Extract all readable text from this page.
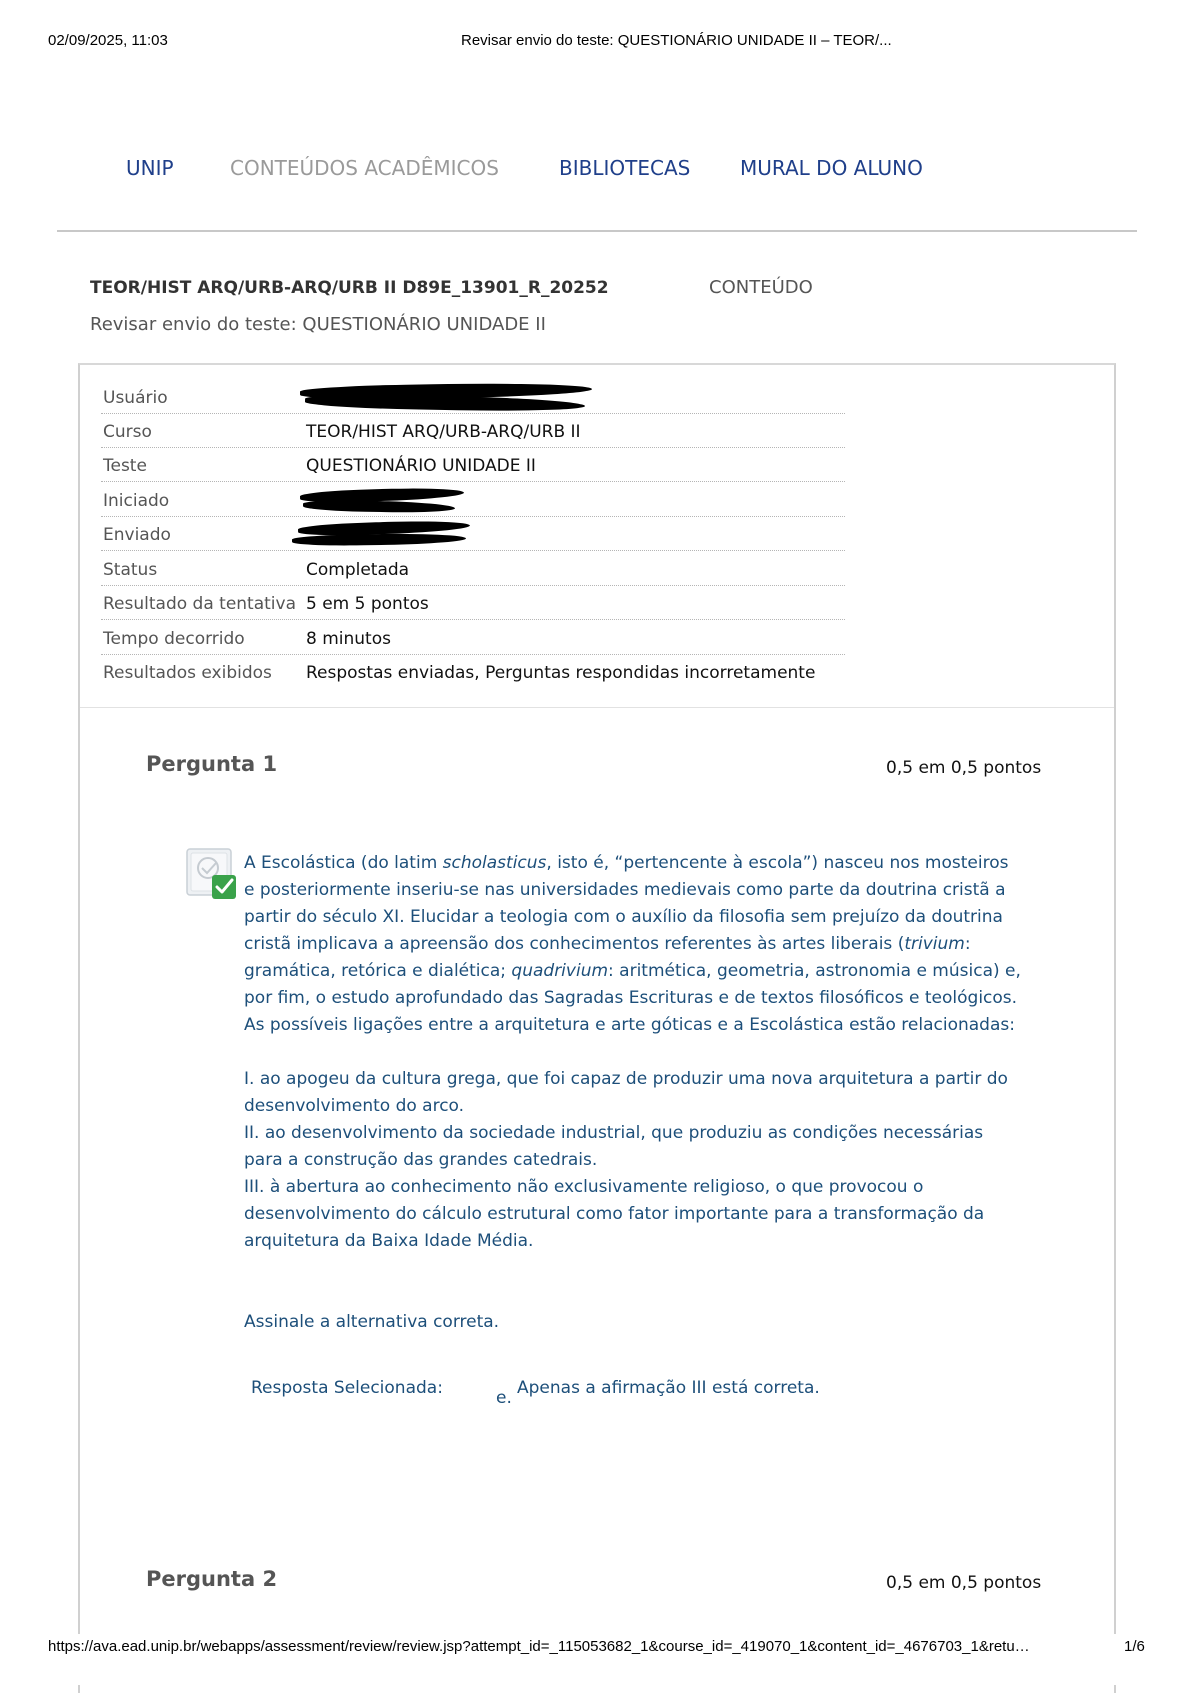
02/09/2025, 11:03	Revisar envio do teste: QUESTIONÁRIO UNIDADE II – TEOR/...
UNIP	CONTEÚDOS ACADÊMICOS	BIBLIOTECAS MURAL DO ALUNO
TEOR/HIST ARQ/URB-ARQ/URB II D89E_13901_R_20252	CONTEÚDO
Revisar envio do teste: QUESTIONÁRIO UNIDADE II
Usuário
Curso	TEOR/HIST ARQ/URB-ARQ/URB II
Teste	QUESTIONÁRIO UNIDADE II
Iniciado
Enviado
Status	Completada
Resultado da tentativa 5 em 5 pontos
Tempo decorrido	8 minutos
Resultados exibidos Respostas enviadas, Perguntas respondidas incorretamente
Pergunta 1	0,5 em 0,5 pontos

A Escolástica (do latim scholasticus, isto é, “pertencente à escola”) nasceu nos mosteiros e posteriormente inseriu-se nas universidades medievais como parte da doutrina cristã a partir do século XI. Elucidar a teologia com o auxílio da filosofia sem prejuízo da doutrina cristã implicava a apreensão dos conhecimentos referentes às artes liberais (trivium: gramática, retórica e dialética; quadrivium: aritmética, geometria, astronomia e música) e, por fim, o estudo aprofundado das Sagradas Escrituras e de textos filosóficos e teológicos. As possíveis ligações entre a arquitetura e arte góticas e a Escolástica estão relacionadas:

I. ao apogeu da cultura grega, que foi capaz de produzir uma nova arquitetura a partir do desenvolvimento do arco.

II. ao desenvolvimento da sociedade industrial, que produziu as condições necessárias para a construção das grandes catedrais.

III. à abertura ao conhecimento não exclusivamente religioso, o que provocou o desenvolvimento do cálculo estrutural como fator importante para a transformação da arquitetura da Baixa Idade Média.

Assinale a alternativa correta.

Resposta Selecionada:	e. Apenas a afirmação III está correta.
Pergunta 2	0,5 em 0,5 pontos
https://ava.ead.unip.br/webapps/assessment/review/review.jsp?attempt_id=_115053682_1&course_id=_419070_1&content_id=_4676703_1&retu…	1/6
